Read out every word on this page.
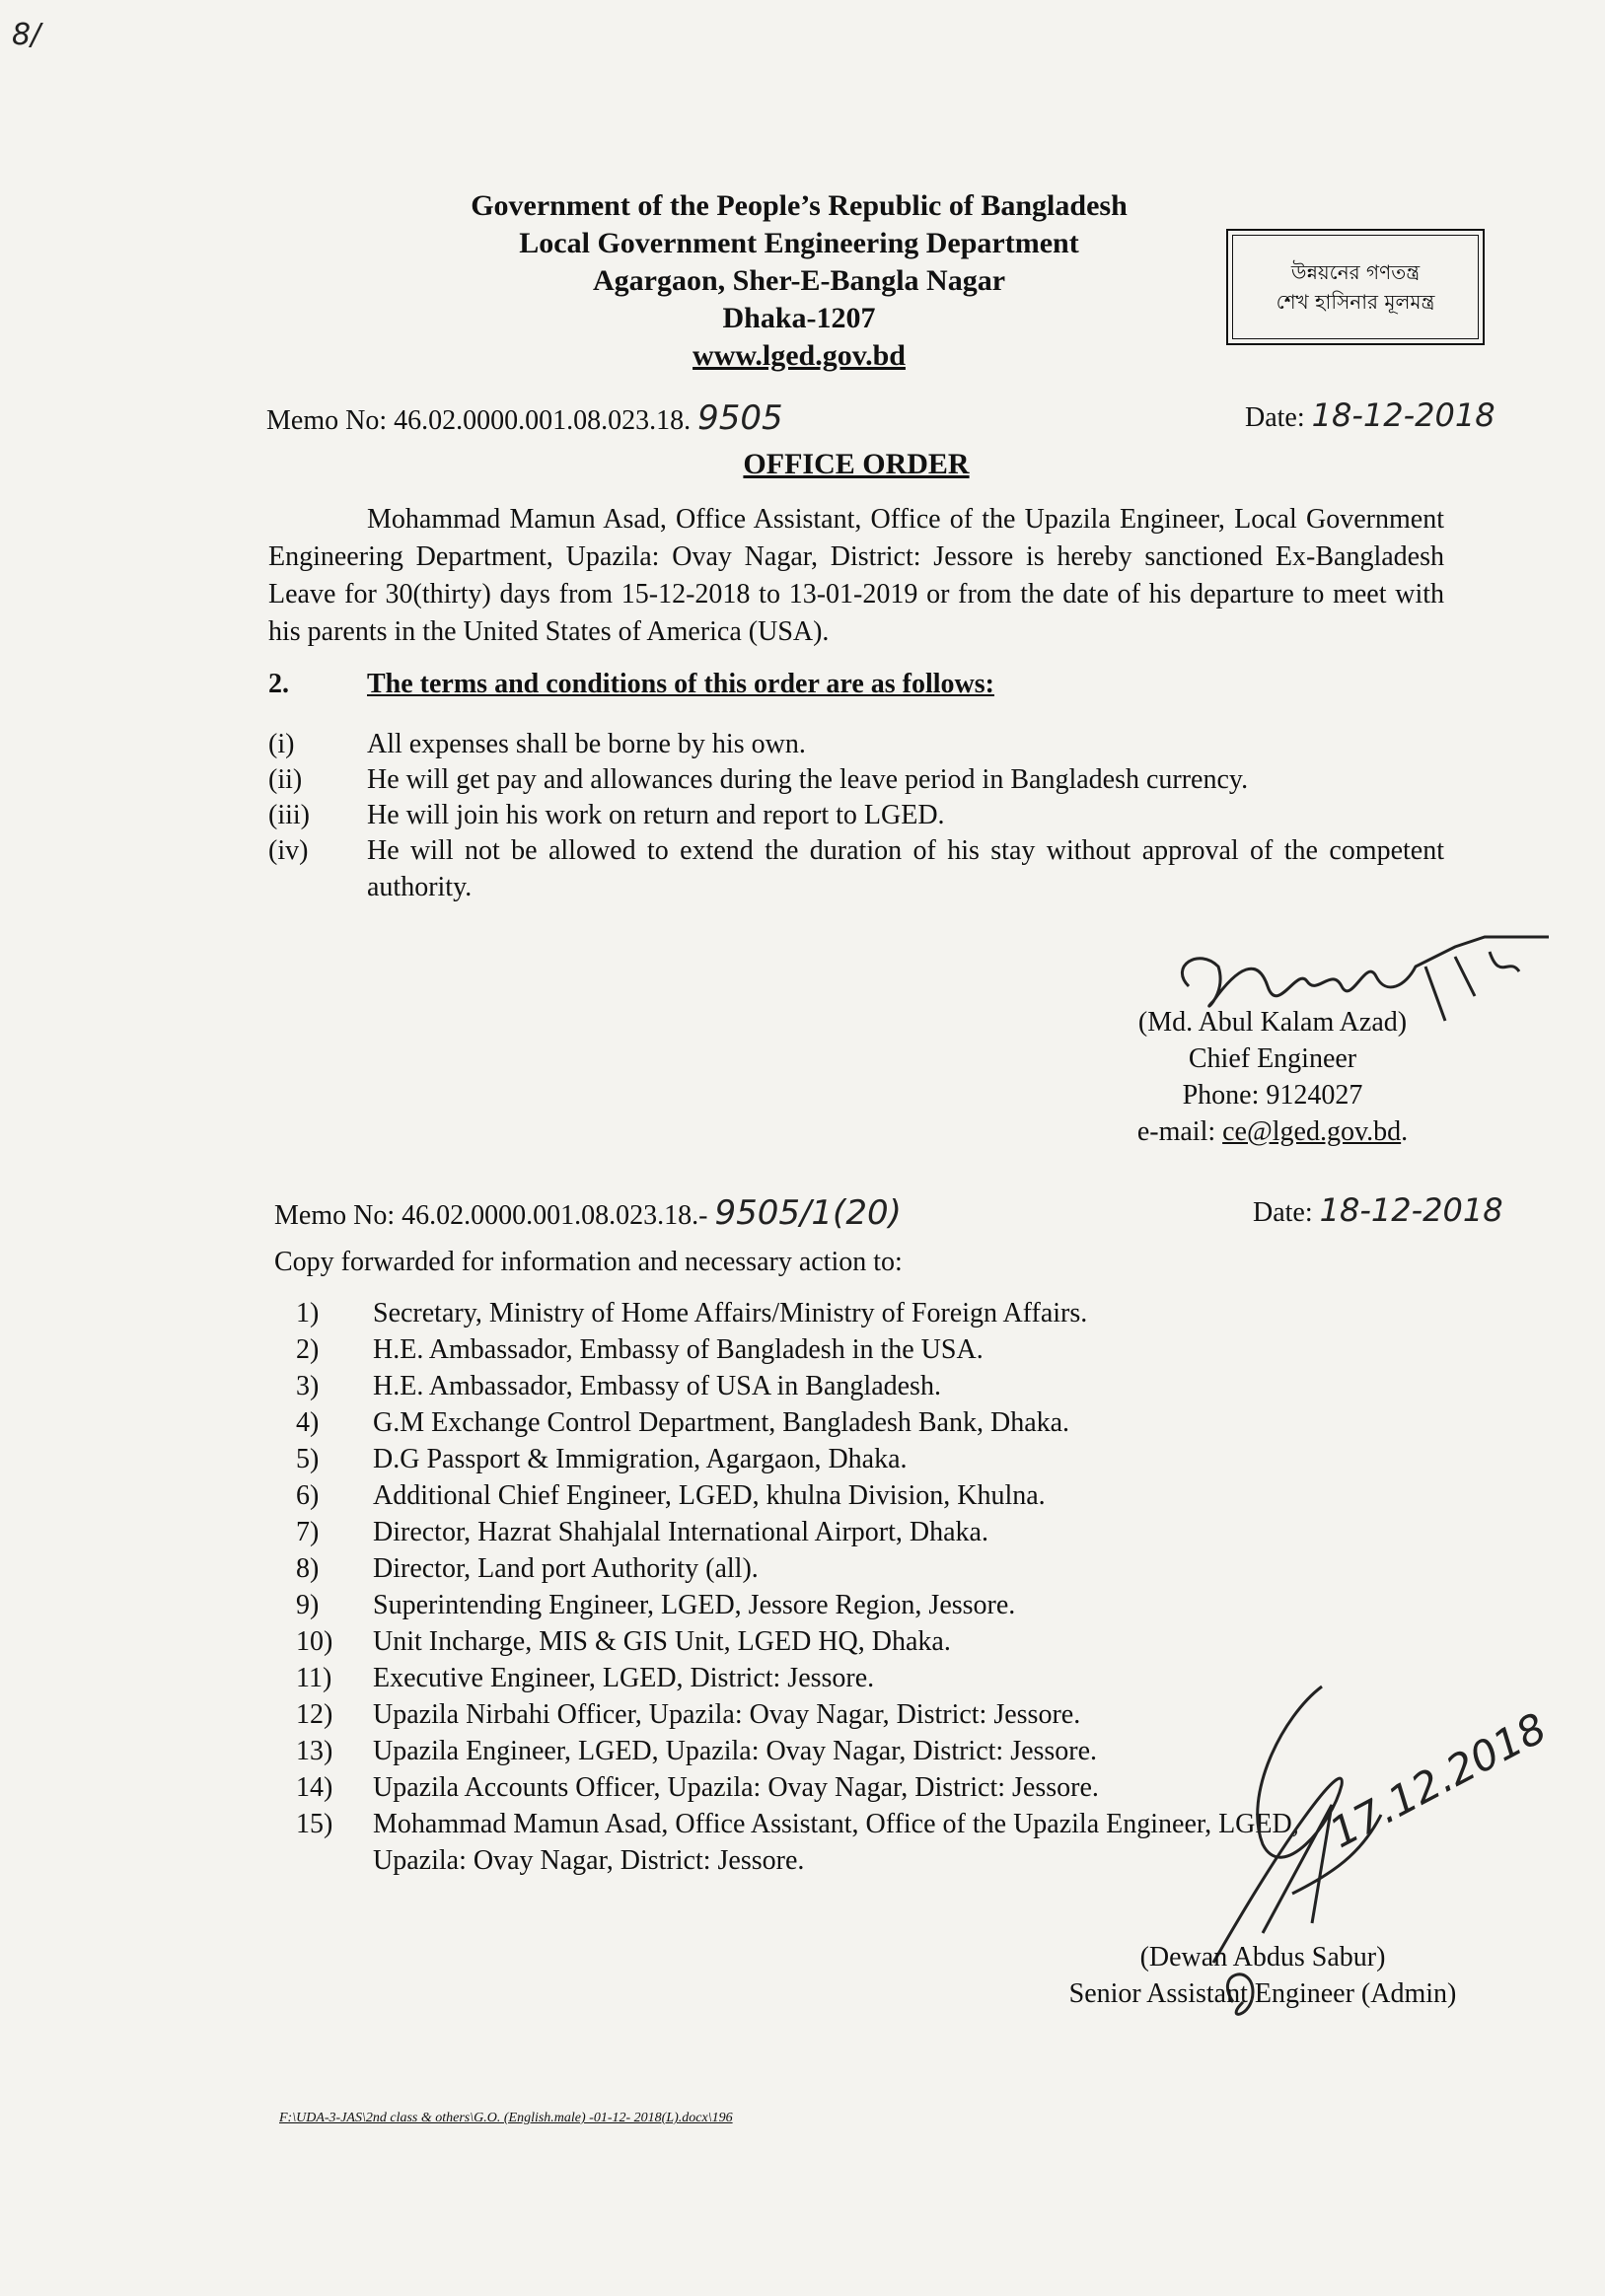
8/
Government of the People’s Republic of Bangladesh
Local Government Engineering Department
Agargaon, Sher-E-Bangla Nagar
Dhaka-1207
www.lged.gov.bd
উন্নয়নের গণতন্ত্র
শেখ হাসিনার মূলমন্ত্র
Memo No: 46.02.0000.001.08.023.18. 9505	Date: 18-12-2018
OFFICE ORDER
Mohammad Mamun Asad, Office Assistant, Office of the Upazila Engineer, Local Government Engineering Department, Upazila: Ovay Nagar, District: Jessore is hereby sanctioned Ex-Bangladesh Leave for 30(thirty) days from 15-12-2018 to 13-01-2019 or from the date of his departure to meet with his parents in the United States of America (USA).
2.	The terms and conditions of this order are as follows:
(i)	All expenses shall be borne by his own.
(ii)	He will get pay and allowances during the leave period in Bangladesh currency.
(iii)	He will join his work on return and report to LGED.
(iv)	He will not be allowed to extend the duration of his stay without approval of the competent authority.
(Md. Abul Kalam Azad)
Chief Engineer
Phone: 9124027
e-mail: ce@lged.gov.bd.
Memo No: 46.02.0000.001.08.023.18.- 9505/1(20)	Date: 18-12-2018
Copy forwarded for information and necessary action to:
1) Secretary, Ministry of Home Affairs/Ministry of Foreign Affairs.
2) H.E. Ambassador, Embassy of Bangladesh in the USA.
3) H.E. Ambassador, Embassy of USA in Bangladesh.
4) G.M Exchange Control Department, Bangladesh Bank, Dhaka.
5) D.G Passport & Immigration, Agargaon, Dhaka.
6) Additional Chief Engineer, LGED, khulna Division, Khulna.
7) Director, Hazrat Shahjalal International Airport, Dhaka.
8) Director, Land port Authority (all).
9) Superintending Engineer, LGED, Jessore Region, Jessore.
10) Unit Incharge, MIS & GIS Unit, LGED HQ, Dhaka.
11) Executive Engineer, LGED, District: Jessore.
12) Upazila Nirbahi Officer, Upazila: Ovay Nagar, District: Jessore.
13) Upazila Engineer, LGED, Upazila: Ovay Nagar, District: Jessore.
14) Upazila Accounts Officer, Upazila: Ovay Nagar, District: Jessore.
15) Mohammad Mamun Asad, Office Assistant, Office of the Upazila Engineer, LGED,
Upazila: Ovay Nagar, District: Jessore.
17.12.2018
(Dewan Abdus Sabur)
Senior Assistant Engineer (Admin)
F:\UDA-3-JAS\2nd class & others\G.O. (English.male) -01-12- 2018(L).docx\196
